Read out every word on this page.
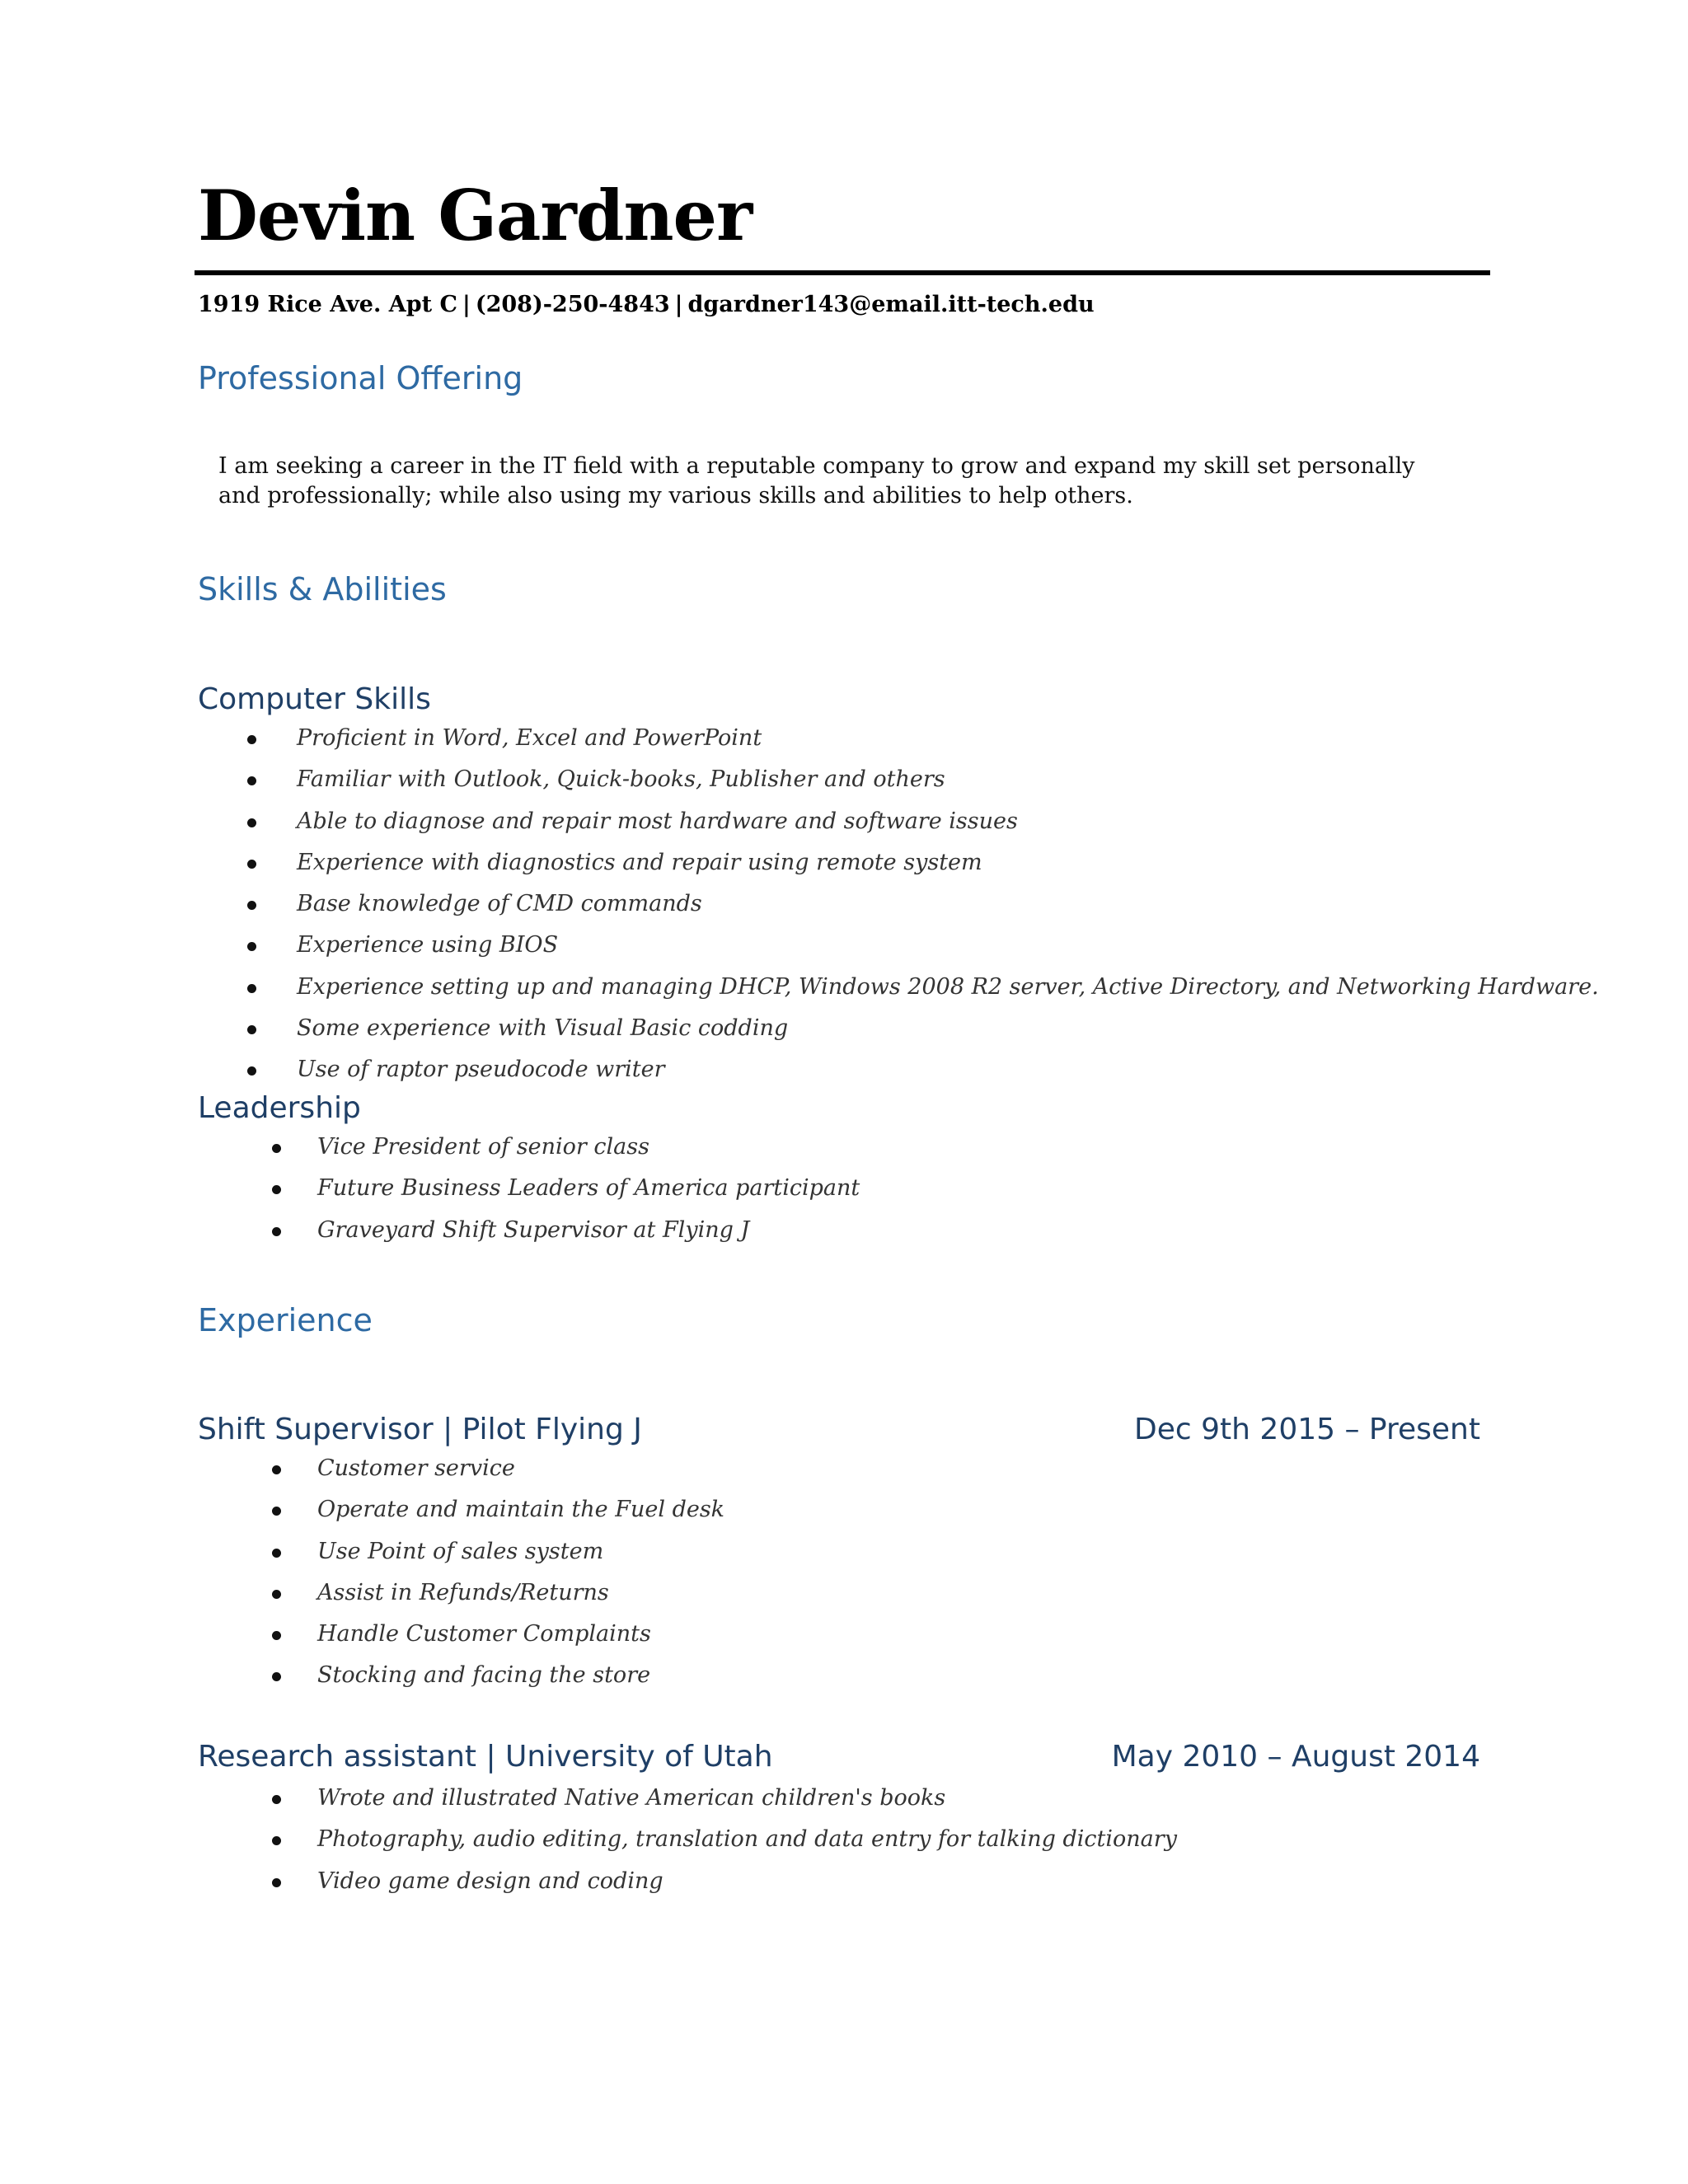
Devin Gardner
1919 Rice Ave. Apt C | (208)-250-4843 | dgardner143@email.itt-tech.edu
Professional Offering

I am seeking a career in the IT field with a reputable company to grow and expand my skill set personally and professionally; while also using my various skills and abilities to help others.

Skills & Abilities
Computer Skills
Proficient in Word, Excel and PowerPoint
Familiar with Outlook, Quick-books, Publisher and others
Able to diagnose and repair most hardware and software issues
Experience with diagnostics and repair using remote system
Base knowledge of CMD commands
Experience using BIOS
Experience setting up and managing DHCP, Windows 2008 R2 server, Active Directory, and Networking Hardware.
Some experience with Visual Basic codding
Use of raptor pseudocode writer
Leadership
Vice President of senior class
Future Business Leaders of America participant
Graveyard Shift Supervisor at Flying J
Experience
Shift Supervisor | Pilot Flying J	Dec 9th 2015 – Present
Customer service
Operate and maintain the Fuel desk
Use Point of sales system
Assist in Refunds/Returns
Handle Customer Complaints
Stocking and facing the store
Research assistant | University of Utah	May 2010 – August 2014
Wrote and illustrated Native American children's books
Photography, audio editing, translation and data entry for talking dictionary
Video game design and coding
